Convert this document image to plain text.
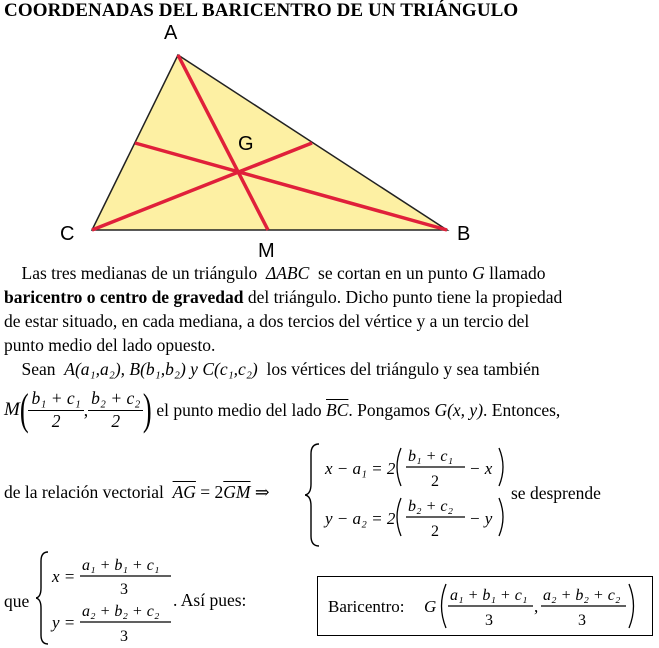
COORDENADAS DEL BARICENTRO DE UN TRIÁNGULO
A
B
C
G
M
Las tres medianas de un triángulo ΔABC se cortan en un punto G llamado
baricentro o centro de gravedad del triángulo. Dicho punto tiene la propiedad
de estar situado, en cada mediana, a dos tercios del vértice y a un tercio del
punto medio del lado opuesto.
Sean A(a₁,a₂), B(b₁,b₂) y C(c₁,c₂) los vértices del triángulo y sea también
M ( $\frac{\text{b₁ + c₁}}{2}$ , $\frac{\text{b₂ + c₂}}{2}$ )
el punto medio del lado
$\overline{BC}$ . Pongamos
G(x, y) . Entonces,
de la relación vectorial $\overline{AG} = 2\overline{GM}$ ⇒
x − a₁ = 2
b₁ + c₁
2
− x
y − a₂ = 2
b₂ + c₂
2
− y
se desprende
que
x =
a₁ + b₁ + c₁
3
y =
a₂ + b₂ + c₂
3
. Así pues:	Baricentro: G
a₁ + b₁ + c₁
3
,
a₂ + b₂ + c₂
3
